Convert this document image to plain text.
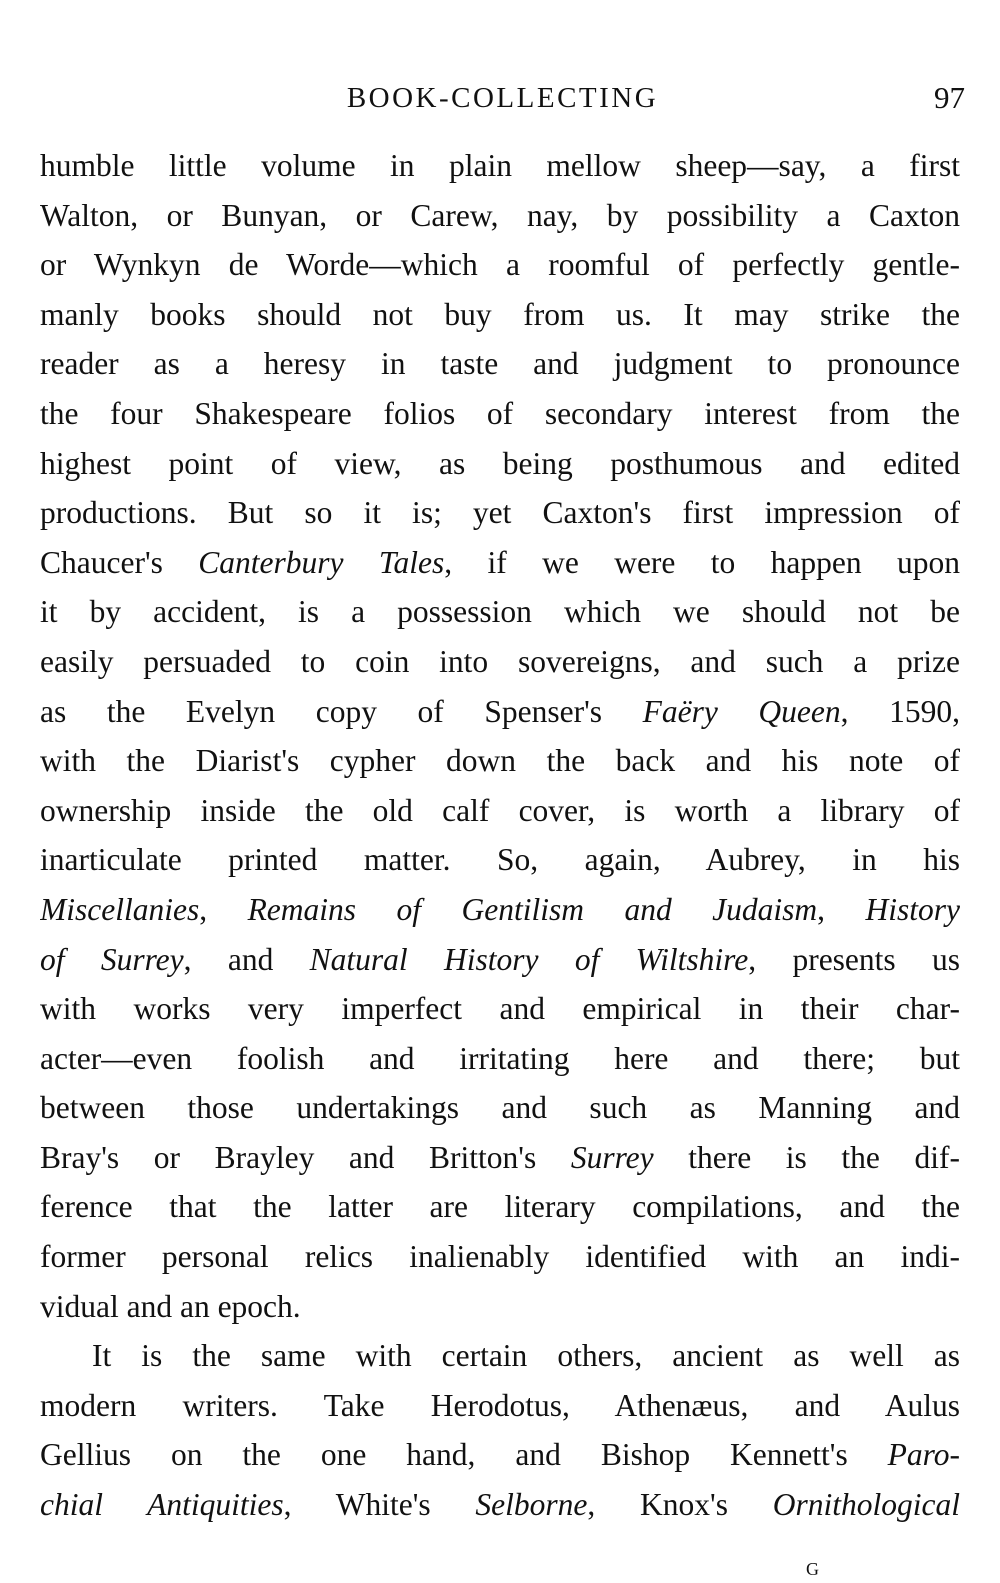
BOOK-COLLECTING	97
humble little volume in plain mellow sheep—say, a first
Walton, or Bunyan, or Carew, nay, by possibility a Caxton
or Wynkyn de Worde—which a roomful of perfectly gentle-
manly books should not buy from us. It may strike the
reader as a heresy in taste and judgment to pronounce
the four Shakespeare folios of secondary interest from the
highest point of view, as being posthumous and edited
productions. But so it is; yet Caxton's first impression of
Chaucer's Canterbury Tales, if we were to happen upon
it by accident, is a possession which we should not be
easily persuaded to coin into sovereigns, and such a prize
as the Evelyn copy of Spenser's Faëry Queen, 1590,
with the Diarist's cypher down the back and his note of
ownership inside the old calf cover, is worth a library of
inarticulate printed matter. So, again, Aubrey, in his
Miscellanies, Remains of Gentilism and Judaism, History
of Surrey, and Natural History of Wiltshire, presents us
with works very imperfect and empirical in their char-
acter—even foolish and irritating here and there; but
between those undertakings and such as Manning and
Bray's or Brayley and Britton's Surrey there is the dif-
ference that the latter are literary compilations, and the
former personal relics inalienably identified with an indi-
vidual and an epoch.
It is the same with certain others, ancient as well as
modern writers. Take Herodotus, Athenæus, and Aulus
Gellius on the one hand, and Bishop Kennett's Paro-
chial Antiquities, White's Selborne, Knox's Ornithological
G
